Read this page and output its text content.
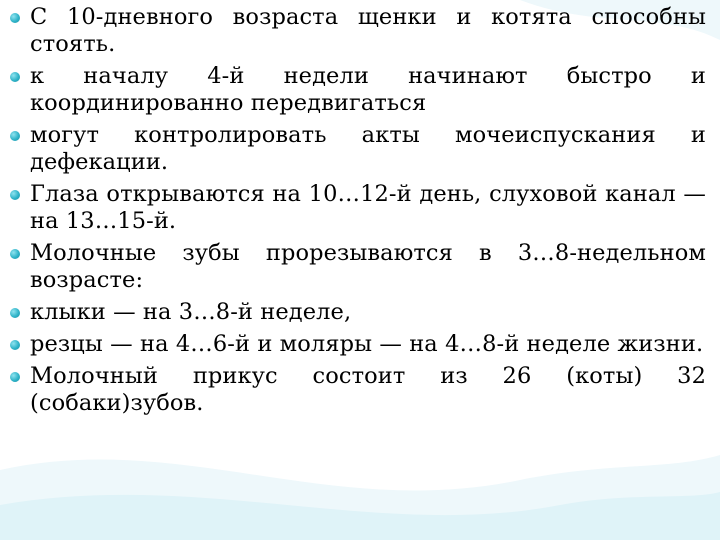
С 10-дневного возраста щенки и котята способны стоять.
к началу 4-й недели начинают быстро и координированно передвигаться
могут контролировать акты мочеиспускания и дефекации.
Глаза открываются на 10…12-й день, слуховой канал — на 13…15-й.
Молочные зубы прорезываются в 3…8-недельном возрасте:
клыки — на 3…8-й неделе,
резцы — на 4…6-й и моляры — на 4…8-й неделе жизни.
Молочный прикус состоит из 26 (коты) 32 (собаки)зубов.
